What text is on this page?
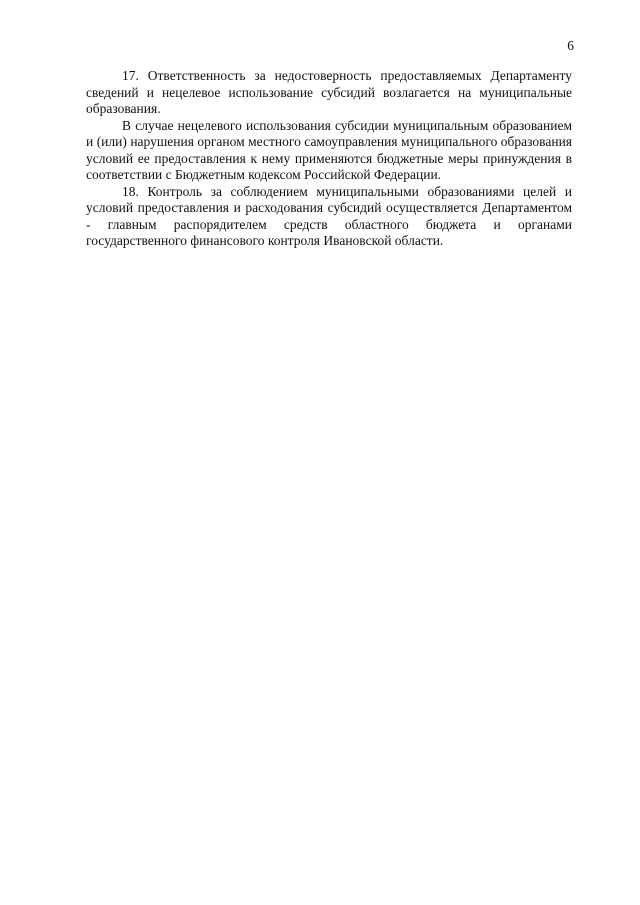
6

17. Ответственность за недостоверность предоставляемых Департаменту сведений и нецелевое использование субсидий возлагается на муниципальные образования.

В случае нецелевого использования субсидии муниципальным образованием и (или) нарушения органом местного самоуправления муниципального образования условий ее предоставления к нему применяются бюджетные меры принуждения в соответствии с Бюджетным кодексом Российской Федерации.

18. Контроль за соблюдением муниципальными образованиями целей и условий предоставления и расходования субсидий осуществляется Департаментом - главным распорядителем средств областного бюджета и органами государственного финансового контроля Ивановской области.
